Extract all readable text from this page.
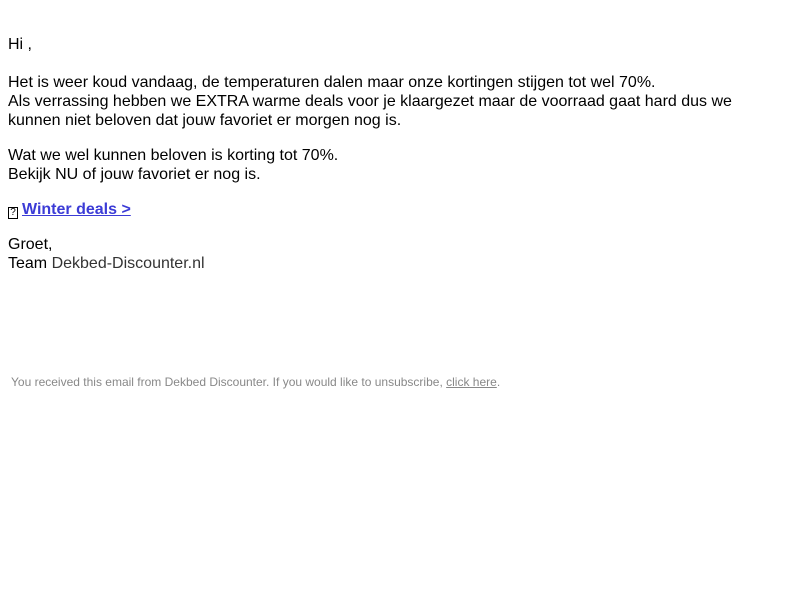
Hi ,
Het is weer koud vandaag, de temperaturen dalen maar onze kortingen stijgen tot wel 70%.
Als verrassing hebben we EXTRA warme deals voor je klaargezet maar de voorraad gaat hard dus we kunnen niet beloven dat jouw favoriet er morgen nog is.
Wat we wel kunnen beloven is korting tot 70%.
Bekijk NU of jouw favoriet er nog is.
? Winter deals >
Groet,
Team Dekbed-Discounter.nl
You received this email from Dekbed Discounter. If you would like to unsubscribe, click here.
